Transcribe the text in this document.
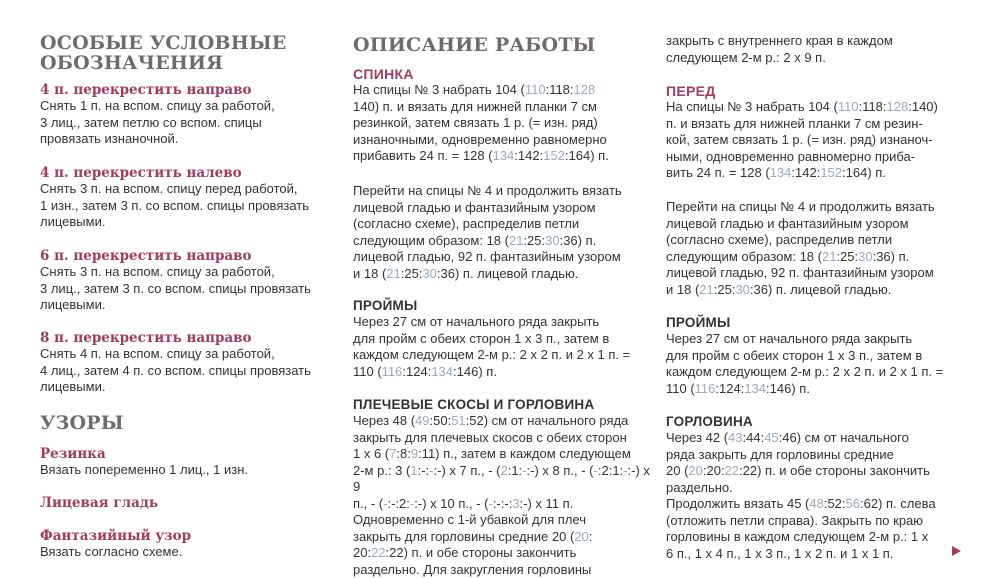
ОСОБЫЕ УСЛОВНЫЕ
ОБОЗНАЧЕНИЯ
4 п. перекрестить направо
Снять 1 п. на вспом. спицу за работой,
3 лиц., затем петлю со вспом. спицы
провязать изнаночной.
4 п. перекрестить налево
Снять 3 п. на вспом. спицу перед работой,
1 изн., затем 3 п. со вспом. спицы провязать
лицевыми.
6 п. перекрестить направо
Снять 3 п. на вспом. спицу за работой,
3 лиц., затем 3 п. со вспом. спицы провязать
лицевыми.
8 п. перекрестить направо
Снять 4 п. на вспом. спицу за работой,
4 лиц., затем 4 п. со вспом. спицы провязать
лицевыми.
УЗОРЫ
Резинка
Вязать попеременно 1 лиц., 1 изн.
Лицевая гладь
Фантазийный узор
Вязать согласно схеме.
ОПИСАНИЕ РАБОТЫ
СПИНКА
На спицы № 3 набрать 104 (110:118:128
140) п. и вязать для нижней планки 7 см
резинкой, затем связать 1 р. (= изн. ряд)
изнаночными, одновременно равномерно
прибавить 24 п. = 128 (134:142:152:164) п.
Перейти на спицы № 4 и продолжить вязать
лицевой гладью и фантазийным узором
(согласно схеме), распределив петли
следующим образом: 18 (21:25:30:36) п.
лицевой гладью, 92 п. фантазийным узором
и 18 (21:25:30:36) п. лицевой гладью.
ПРОЙМЫ
Через 27 см от начального ряда закрыть
для пройм с обеих сторон 1 х 3 п., затем в
каждом следующем 2-м р.: 2 х 2 п. и 2 х 1 п. =
110 (116:124:134:146) п.
ПЛЕЧЕВЫЕ СКОСЫ И ГОРЛОВИНА
Через 48 (49:50:51:52) см от начального ряда
закрыть для плечевых скосов с обеих сторон
1 х 6 (7:8:9:11) п., затем в каждом следующем
2-м р.: 3 (1:-:-:-) х 7 п., - (2:1:-:-) х 8 п., - (-:2:1:-:-) х 9
п., - (-:-:2:-:-) х 10 п., - (-:-:-:3:-) х 11 п.
Одновременно с 1-й убавкой для плеч
закрыть для горловины средние 20 (20:
20:22:22) п. и обе стороны закончить
раздельно. Для закругления горловины
закрыть с внутреннего края в каждом
следующем 2-м р.: 2 х 9 п.
ПЕРЕД
На спицы № 3 набрать 104 (110:118:128:140)
п. и вязать для нижней планки 7 см резин-
кой, затем связать 1 р. (= изн. ряд) изнаноч-
ными, одновременно равномерно приба-
вить 24 п. = 128 (134:142:152:164) п.
Перейти на спицы № 4 и продолжить вязать
лицевой гладью и фантазийным узором
(согласно схеме), распределив петли
следующим образом: 18 (21:25:30:36) п.
лицевой гладью, 92 п. фантазийным узором
и 18 (21:25:30:36) п. лицевой гладью.
ПРОЙМЫ
Через 27 см от начального ряда закрыть
для пройм с обеих сторон 1 х 3 п., затем в
каждом следующем 2-м р.: 2 х 2 п. и 2 х 1 п. =
110 (116:124:134:146) п.
ГОРЛОВИНА
Через 42 (43:44:45:46) см от начального
ряда закрыть для горловины средние
20 (20:20:22:22) п. и обе стороны закончить
раздельно.
Продолжить вязать 45 (48:52:56:62) п. слева
(отложить петли справа). Закрыть по краю
горловины в каждом следующем 2-м р.: 1 х
6 п., 1 х 4 п., 1 х 3 п., 1 х 2 п. и 1 х 1 п.
